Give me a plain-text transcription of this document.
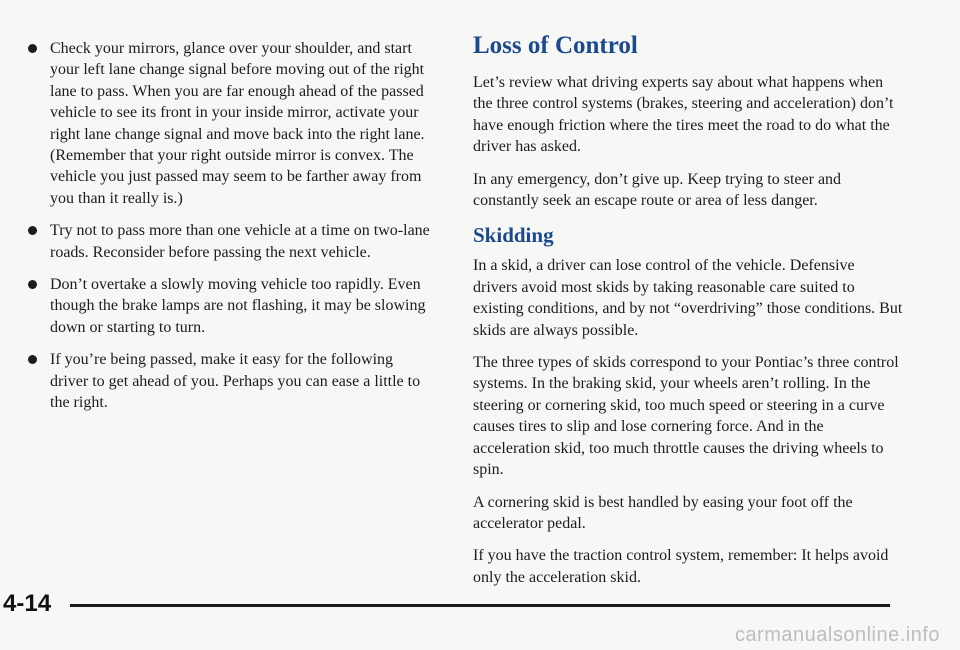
Check your mirrors, glance over your shoulder, and start your left lane change signal before moving out of the right lane to pass. When you are far enough ahead of the passed vehicle to see its front in your inside mirror, activate your right lane change signal and move back into the right lane. (Remember that your right outside mirror is convex. The vehicle you just passed may seem to be farther away from you than it really is.)
Try not to pass more than one vehicle at a time on two-lane roads. Reconsider before passing the next vehicle.
Don’t overtake a slowly moving vehicle too rapidly. Even though the brake lamps are not flashing, it may be slowing down or starting to turn.
If you’re being passed, make it easy for the following driver to get ahead of you. Perhaps you can ease a little to the right.
Loss of Control

Let’s review what driving experts say about what happens when the three control systems (brakes, steering and acceleration) don’t have enough friction where the tires meet the road to do what the driver has asked.

In any emergency, don’t give up. Keep trying to steer and constantly seek an escape route or area of less danger.

Skidding

In a skid, a driver can lose control of the vehicle. Defensive drivers avoid most skids by taking reasonable care suited to existing conditions, and by not “overdriving” those conditions. But skids are always possible.

The three types of skids correspond to your Pontiac’s three control systems. In the braking skid, your wheels aren’t rolling. In the steering or cornering skid, too much speed or steering in a curve causes tires to slip and lose cornering force. And in the acceleration skid, too much throttle causes the driving wheels to spin.

A cornering skid is best handled by easing your foot off the accelerator pedal.

If you have the traction control system, remember: It helps avoid only the acceleration skid.

4-14
carmanualsonline.info
